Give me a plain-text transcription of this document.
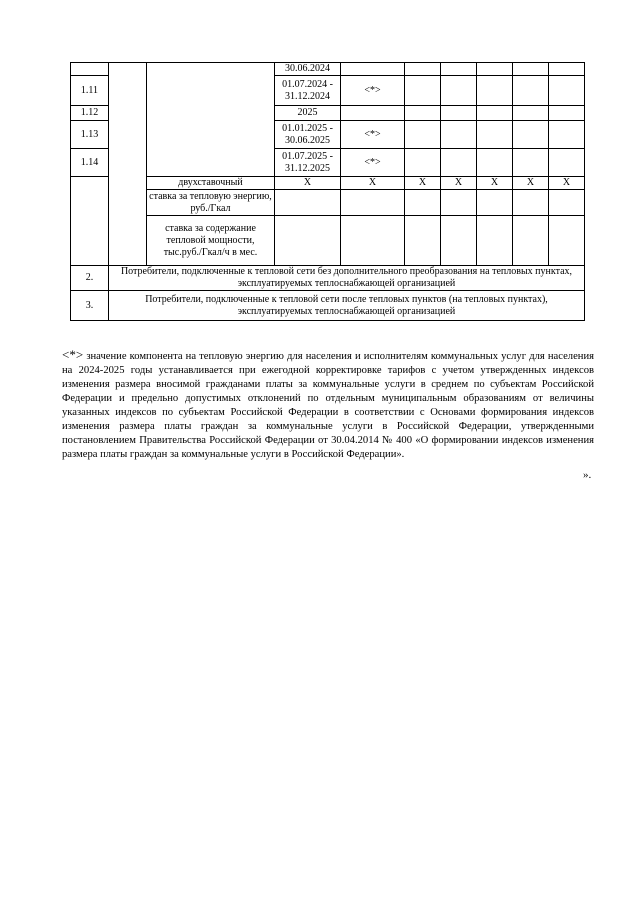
			30.06.2024						
1.11			01.07.2024 - 31.12.2024	<*>					
1.12			2025						
1.13			01.01.2025 - 30.06.2025	<*>					
1.14			01.07.2025 - 31.12.2025	<*>					
		двухставочный	X	X	X	X	X	X	X
		ставка за тепловую энергию, руб./Гкал							
		ставка за содержание тепловой мощности, тыс.руб./Гкал/ч в мес.							
2.	Потребители, подключенные к тепловой сети без дополнительного преобразования на тепловых пунктах, эксплуатируемых теплоснабжающей организацией								
3.	Потребители, подключенные к тепловой сети после тепловых пунктов (на тепловых пунктах), эксплуатируемых теплоснабжающей организацией								
<*> значение компонента на тепловую энергию для населения и исполнителям коммунальных услуг для населения на 2024-2025 годы устанавливается при ежегодной корректировке тарифов с учетом утвержденных индексов изменения размера вносимой гражданами платы за коммунальные услуги в среднем по субъектам Российской Федерации и предельно допустимых отклонений по отдельным муниципальным образованиям от величины указанных индексов по субъектам Российской Федерации в соответствии с Основами формирования индексов изменения размера платы граждан за коммунальные услуги в Российской Федерации, утвержденными постановлением Правительства Российской Федерации от 30.04.2014 № 400 «О формировании индексов изменения размера платы граждан за коммунальные услуги в Российской Федерации».
».
